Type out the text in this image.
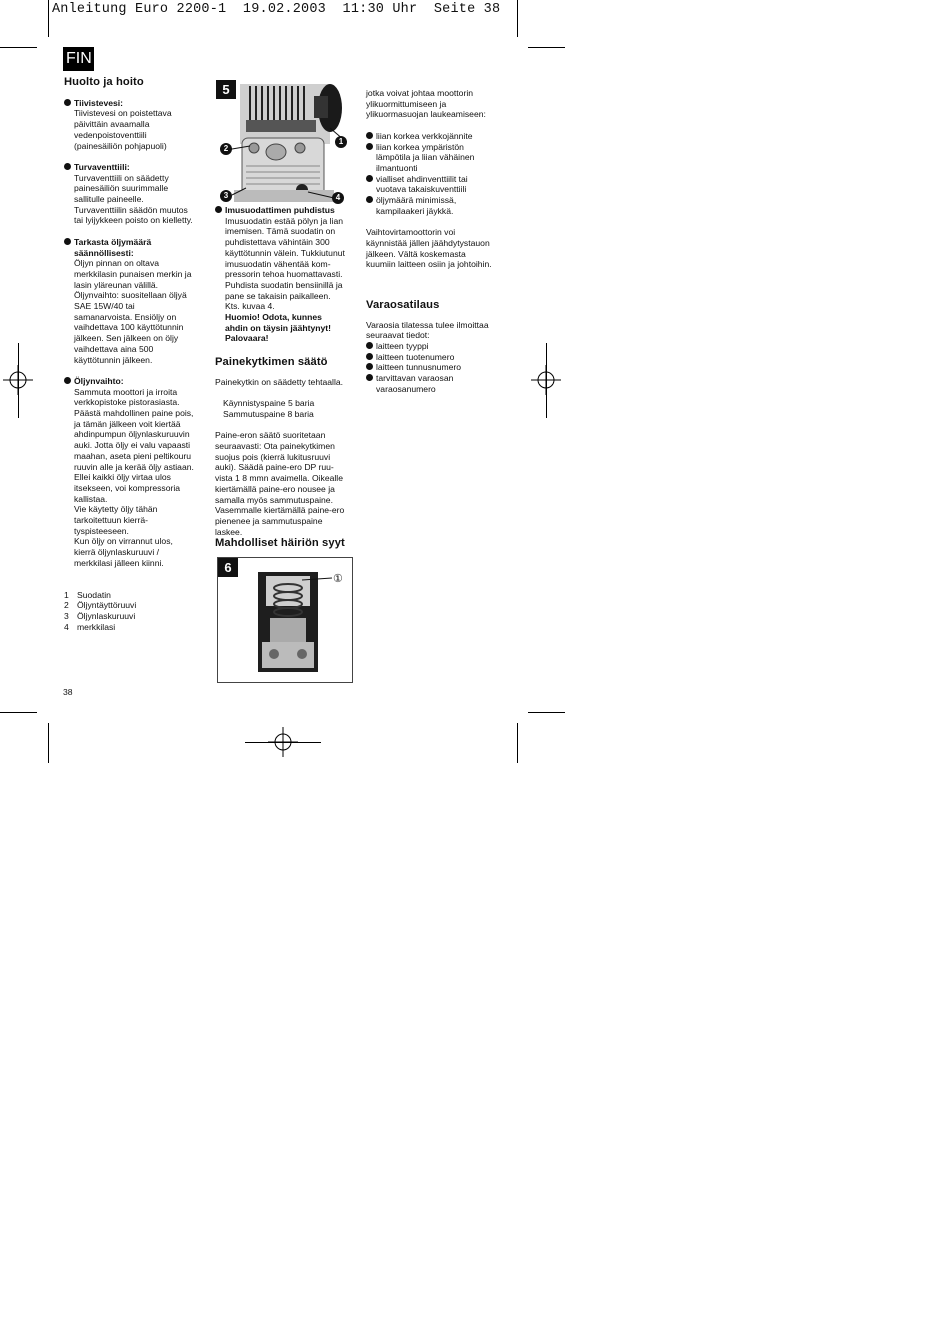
Anleitung Euro 2200-1  19.02.2003  11:30 Uhr  Seite 38
FIN
Huolto ja hoito
Tiivistevesi:
Tiivistevesi on poistettava
päivittäin avaamalla
vedenpoistoventtiili
(painesäiliön pohjapuoli)
Turvaventtiili:
Turvaventtiili on säädetty
painesäiliön suurimmalle
sallitulle paineelle.
Turvaventtiilin säädön muutos
tai lyijykkeen poisto on kielletty.
Tarkasta öljymäärä
säännöllisesti:
Öljyn pinnan on oltava
merkkilasin punaisen merkin ja
lasin yläreunan välillä.
Öljynvaihto: suositellaan öljyä
SAE 15W/40 tai
samanarvoista. Ensiöljy on
vaihdettava 100 käyttötunnin
jälkeen. Sen jälkeen on öljy
vaihdettava aina 500
käyttötunnin jälkeen.
Öljynvaihto:
Sammuta moottori ja irroita
verkkopistoke pistorasiasta.
Päästä mahdollinen paine pois,
ja tämän jälkeen voit kiertää
ahdinpumpun öljynlaskuruuvin
auki. Jotta öljy ei valu vapaasti
maahan, aseta pieni peltikouru
ruuvin alle ja kerää öljy astiaan.
Ellei kaikki öljy virtaa ulos
itsekseen, voi kompressoria
kallistaa.
Vie käytetty öljy tähän
tarkoitettuun kierrä-
tyspisteeseen.
Kun öljy on virrannut ulos,
kierrä öljynlaskuruuvi /
merkkilasi jälleen kiinni.
1 Suodatin
2 Öljyntäyttöruuvi
3 Öljynlaskuruuvi
4 merkkilasi
38
5
1
2
3	4
Imusuodattimen puhdistus
Imusuodatin estää pölyn ja lian
imemisen. Tämä suodatin on
puhdistettava vähintäin 300
käyttötunnin välein. Tukkiutunut
imusuodatin vähentää kom-
pressorin tehoa huomattavasti.
Puhdista suodatin bensiinillä ja
pane se takaisin paikalleen.
Kts. kuvaa 4.
Huomio! Odota, kunnes
ahdin on täysin jäähtynyt!
Palovaara!
Painekytkimen säätö
Painekytkin on säädetty tehtaalla.
Käynnistyspaine 5 baria
Sammutuspaine 8 baria
Paine-eron säätö suoritetaan
seuraavasti: Ota painekytkimen
suojus pois (kierrä lukitusruuvi
auki). Säädä paine-ero DP ruu-
vista 1 8 mmn avaimella. Oikealle
kiertämällä paine-ero nousee ja
samalla myös sammutuspaine.
Vasemmalle kiertämällä paine-ero
pienenee ja sammutuspaine
laskee.
Mahdolliset häiriön syyt
6
①
jotka voivat johtaa moottorin
ylikuormittumiseen ja
ylikuormasuojan laukeamiseen:
liian korkea verkkojännite
liian korkea ympäristön
lämpötila ja liian vähäinen
ilmantuonti
vialliset ahdinventtiilit tai
vuotava takaiskuventtiili
öljymäärä minimissä,
kampilaakeri jäykkä.
Vaihtovirtamoottorin voi
käynnistää jällen jäähdytystauon
jälkeen. Vältä koskemasta
kuumiin laitteen osiin ja johtoihin.
Varaosatilaus
Varaosia tilatessa tulee ilmoittaa
seuraavat tiedot:
laitteen tyyppi
laitteen tuotenumero
laitteen tunnusnumero
tarvittavan varaosan
varaosanumero
